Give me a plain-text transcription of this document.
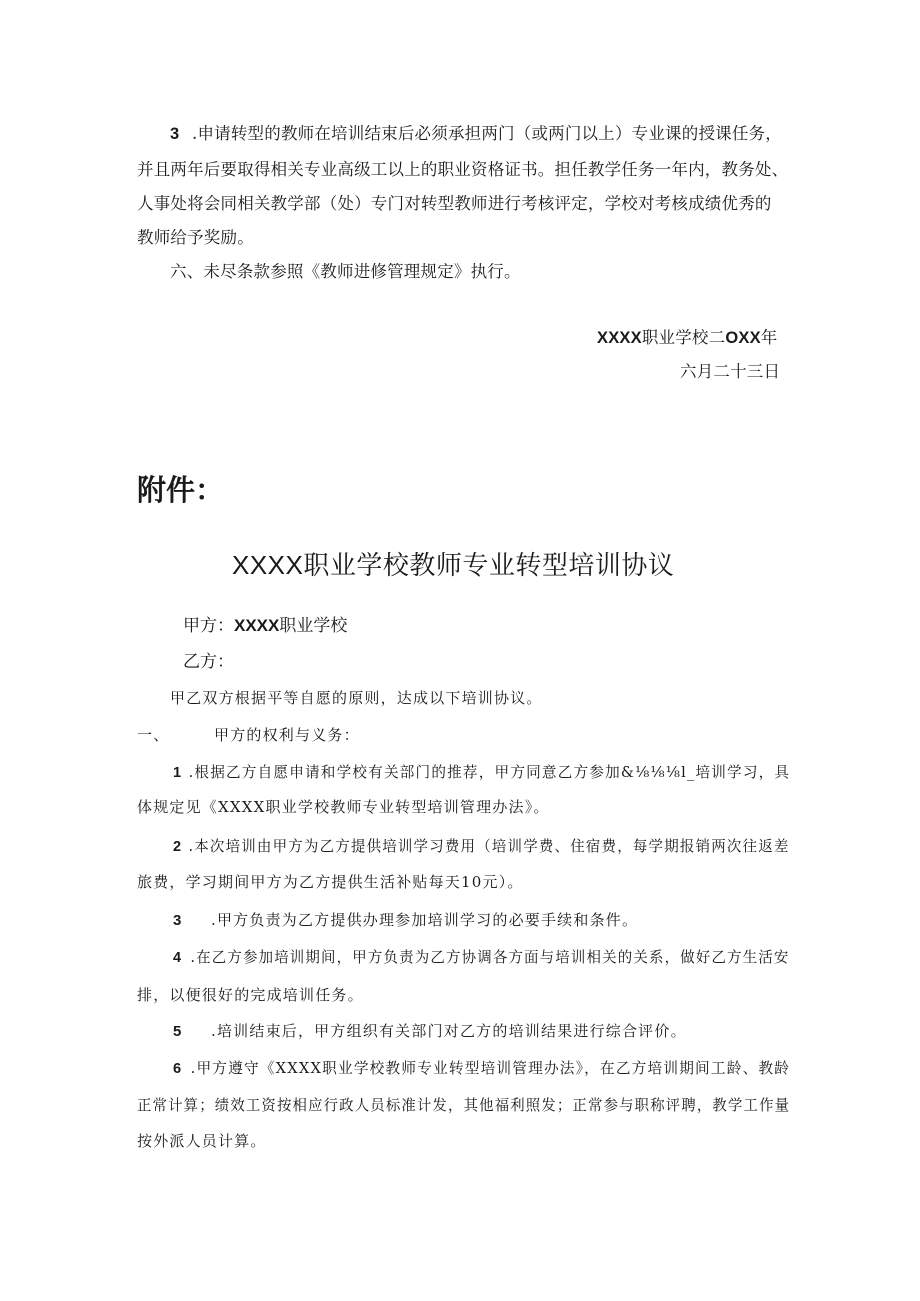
3 .申请转型的教师在培训结束后必须承担两门（或两门以上）专业课的授课任务，
并且两年后要取得相关专业高级工以上的职业资格证书。担任教学任务一年内，教务处、
人事处将会同相关教学部（处）专门对转型教师进行考核评定，学校对考核成绩优秀的
教师给予奖励。
六、未尽条款参照《教师进修管理规定》执行。
XXXX职业学校二OXX年
六月二十三日
附件：
XXXX职业学校教师专业转型培训协议
甲方：XXXX职业学校
乙方：
甲乙双方根据平等自愿的原则，达成以下培训协议。
一、	甲方的权利与义务：
1 .根据乙方自愿申请和学校有关部门的推荐，甲方同意乙方参加&⅛⅛⅛l_培训学习，具
体规定见《XXXX职业学校教师专业转型培训管理办法》。
2 .本次培训由甲方为乙方提供培训学习费用（培训学费、住宿费，每学期报销两次往返差
旅费，学习期间甲方为乙方提供生活补贴每天10元）。
3 .甲方负责为乙方提供办理参加培训学习的必要手续和条件。
4 .在乙方参加培训期间，甲方负责为乙方协调各方面与培训相关的关系，做好乙方生活安
排，以便很好的完成培训任务。
5 .培训结束后，甲方组织有关部门对乙方的培训结果进行综合评价。
6 .甲方遵守《XXXX职业学校教师专业转型培训管理办法》，在乙方培训期间工龄、教龄
正常计算；绩效工资按相应行政人员标准计发，其他福利照发；正常参与职称评聘，教学工作量
按外派人员计算。
